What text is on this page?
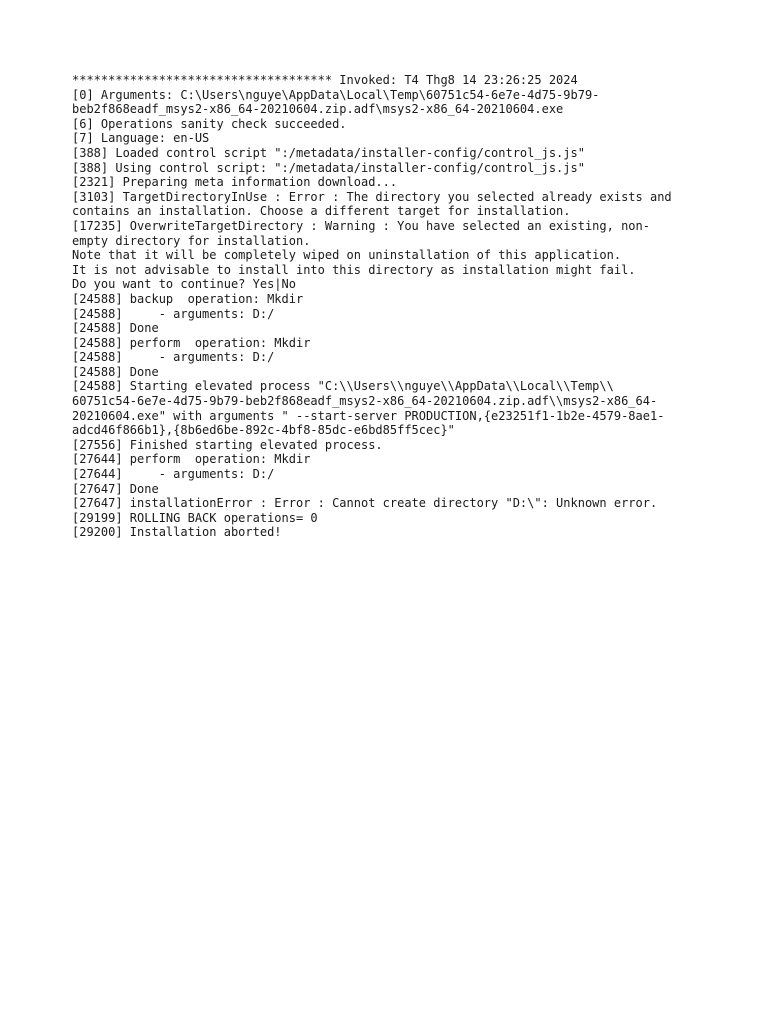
************************************ Invoked: T4 Thg8 14 23:26:25 2024
[0] Arguments: C:\Users\nguye\AppData\Local\Temp\60751c54-6e7e-4d75-9b79-
beb2f868eadf_msys2-x86_64-20210604.zip.adf\msys2-x86_64-20210604.exe
[6] Operations sanity check succeeded.
[7] Language: en-US
[388] Loaded control script ":/metadata/installer-config/control_js.js"
[388] Using control script: ":/metadata/installer-config/control_js.js"
[2321] Preparing meta information download...
[3103] TargetDirectoryInUse : Error : The directory you selected already exists and
contains an installation. Choose a different target for installation.
[17235] OverwriteTargetDirectory : Warning : You have selected an existing, non-
empty directory for installation.
Note that it will be completely wiped on uninstallation of this application.
It is not advisable to install into this directory as installation might fail.
Do you want to continue? Yes|No
[24588] backup  operation: Mkdir
[24588]     - arguments: D:/
[24588] Done
[24588] perform  operation: Mkdir
[24588]     - arguments: D:/
[24588] Done
[24588] Starting elevated process "C:\\Users\\nguye\\AppData\\Local\\Temp\\
60751c54-6e7e-4d75-9b79-beb2f868eadf_msys2-x86_64-20210604.zip.adf\\msys2-x86_64-
20210604.exe" with arguments " --start-server PRODUCTION,{e23251f1-1b2e-4579-8ae1-
adcd46f866b1},{8b6ed6be-892c-4bf8-85dc-e6bd85ff5cec}"
[27556] Finished starting elevated process.
[27644] perform  operation: Mkdir
[27644]     - arguments: D:/
[27647] Done
[27647] installationError : Error : Cannot create directory "D:\": Unknown error.
[29199] ROLLING BACK operations= 0
[29200] Installation aborted!
